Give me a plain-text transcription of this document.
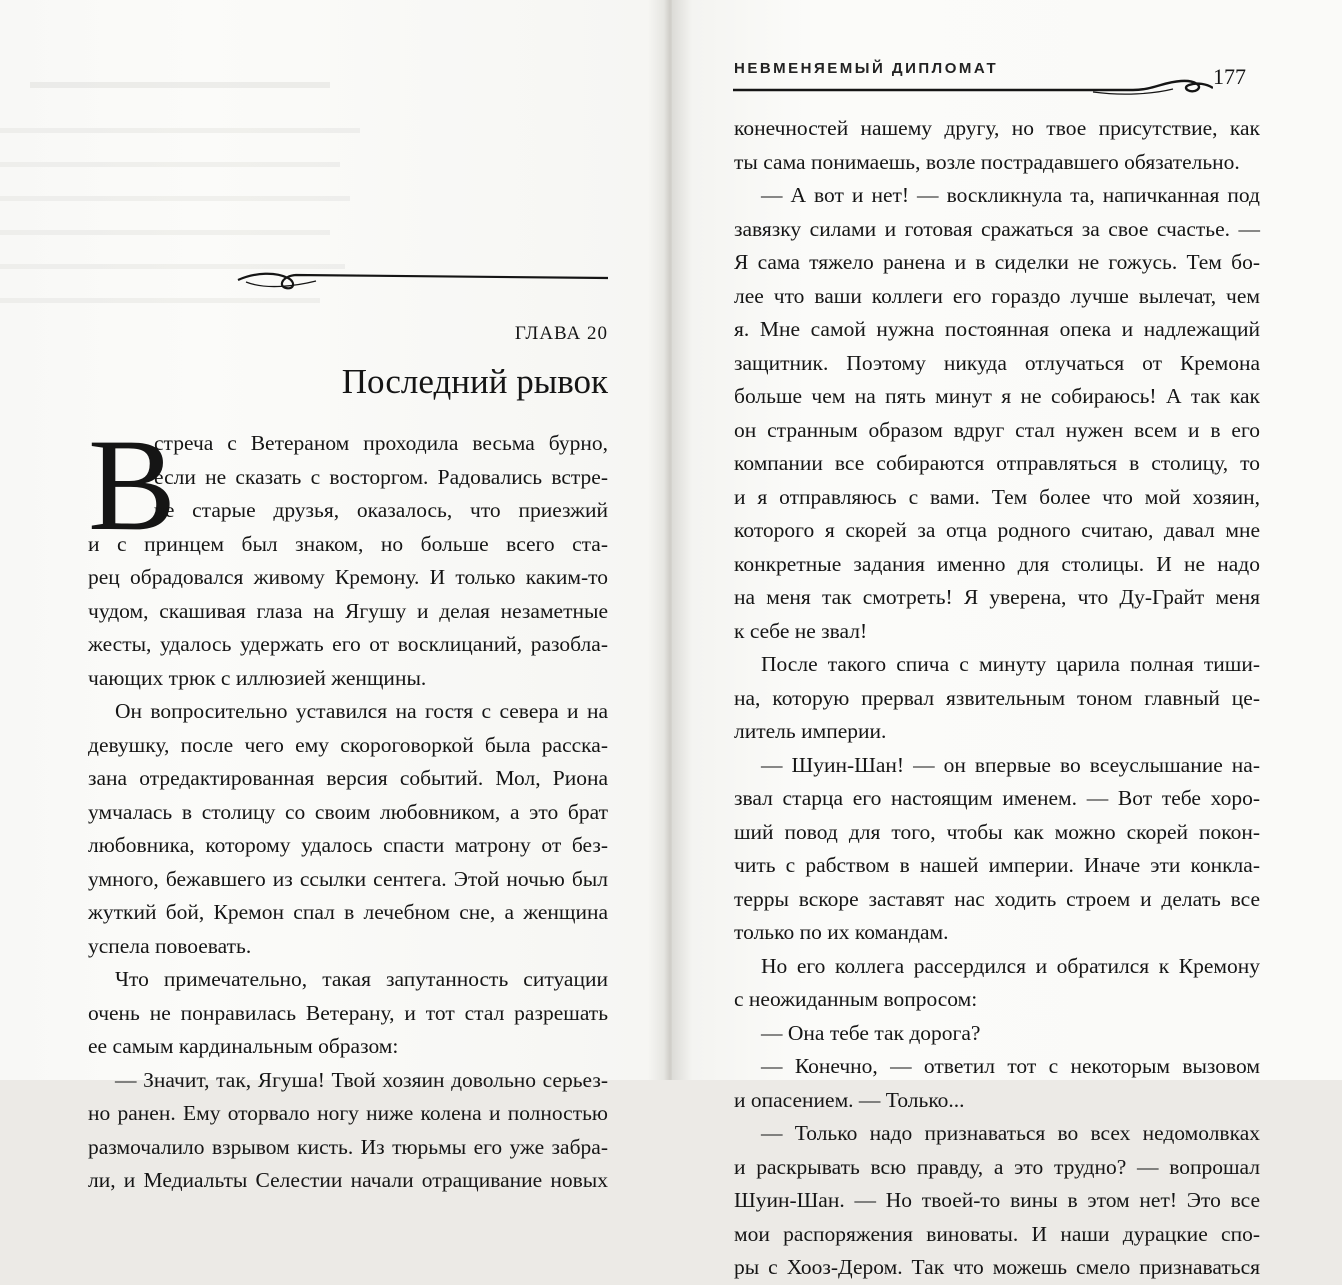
ГЛАВА 20
Последний рывок
В

стреча с Ветераном проходила весьма бурно,

если не сказать с восторгом. Радовались встре-

че старые друзья, оказалось, что приезжий

и с принцем был знаком, но больше всего ста-

рец обрадовался живому Кремону. И только каким-то

чудом, скашивая глаза на Ягушу и делая незаметные

жесты, удалось удержать его от восклицаний, разобла-

чающих трюк с иллюзией женщины.

Он вопросительно уставился на гостя с севера и на

девушку, после чего ему скороговоркой была расска-

зана отредактированная версия событий. Мол, Риона

умчалась в столицу со своим любовником, а это брат

любовника, которому удалось спасти матрону от без-

умного, бежавшего из ссылки сентега. Этой ночью был

жуткий бой, Кремон спал в лечебном сне, а женщина

успела повоевать.

Что примечательно, такая запутанность ситуации

очень не понравилась Ветерану, и тот стал разрешать

ее самым кардинальным образом:

— Значит, так, Ягуша! Твой хозяин довольно серьез-

но ранен. Ему оторвало ногу ниже колена и полностью

размочалило взрывом кисть. Из тюрьмы его уже забра-

ли, и Медиальты Селестии начали отращивание новых

НЕВМЕНЯЕМЫЙ ДИПЛОМАТ	177

конечностей нашему другу, но твое присутствие, как

ты сама понимаешь, возле пострадавшего обязательно.

— А вот и нет! — воскликнула та, напичканная под

завязку силами и готовая сражаться за свое счастье. —

Я сама тяжело ранена и в сиделки не гожусь. Тем бо-

лее что ваши коллеги его гораздо лучше вылечат, чем

я. Мне самой нужна постоянная опека и надлежащий

защитник. Поэтому никуда отлучаться от Кремона

больше чем на пять минут я не собираюсь! А так как

он странным образом вдруг стал нужен всем и в его

компании все собираются отправляться в столицу, то

и я отправляюсь с вами. Тем более что мой хозяин,

которого я скорей за отца родного считаю, давал мне

конкретные задания именно для столицы. И не надо

на меня так смотреть! Я уверена, что Ду-Грайт меня

к себе не звал!

После такого спича с минуту царила полная тиши-

на, которую прервал язвительным тоном главный це-

литель империи.

— Шуин-Шан! — он впервые во всеуслышание на-

звал старца его настоящим именем. — Вот тебе хоро-

ший повод для того, чтобы как можно скорей покон-

чить с рабством в нашей империи. Иначе эти конкла-

терры вскоре заставят нас ходить строем и делать все

только по их командам.

Но его коллега рассердился и обратился к Кремону

с неожиданным вопросом:

— Она тебе так дорога?

— Конечно, — ответил тот с некоторым вызовом

и опасением. — Только...

— Только надо признаваться во всех недомолвках

и раскрывать всю правду, а это трудно? — вопрошал

Шуин-Шан. — Но твоей-то вины в этом нет! Это все

мои распоряжения виноваты. И наши дурацкие спо-

ры с Хооз-Дером. Так что можешь смело признаваться
